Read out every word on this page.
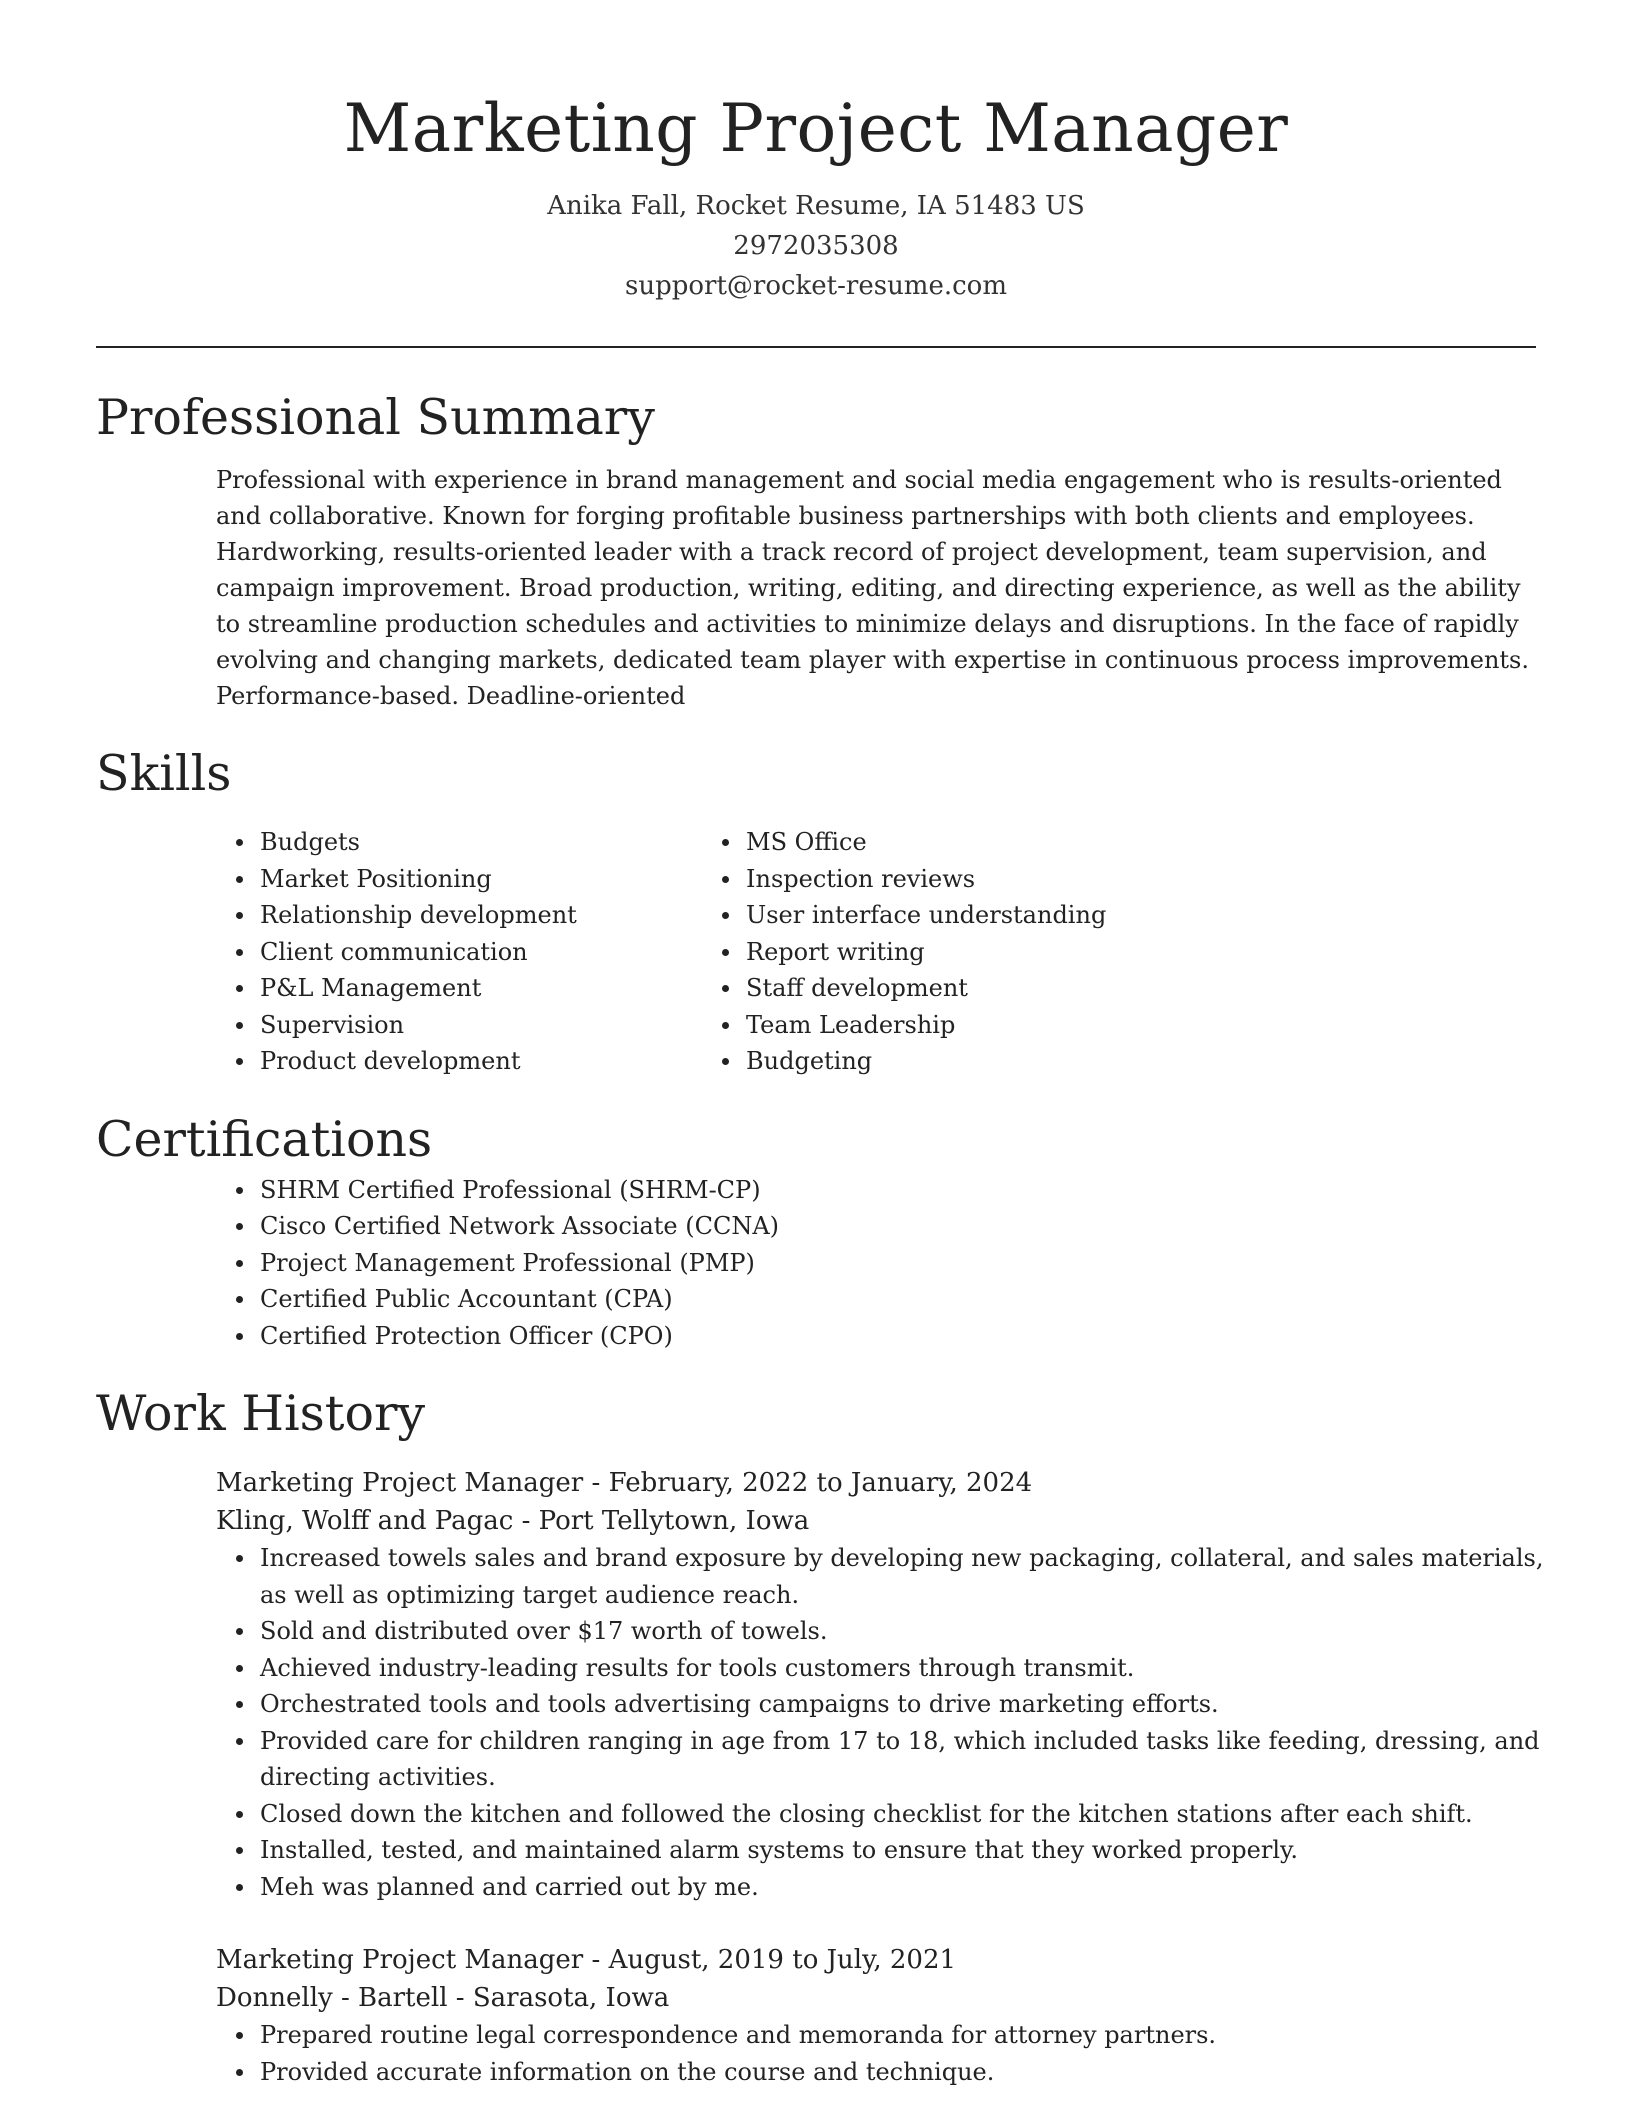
Marketing Project Manager
Anika Fall, Rocket Resume, IA 51483 US
2972035308
support@rocket-resume.com
Professional Summary

Professional with experience in brand management and social media engagement who is results-oriented and collaborative. Known for forging profitable business partnerships with both clients and employees. Hardworking, results-oriented leader with a track record of project development, team supervision, and campaign improvement. Broad production, writing, editing, and directing experience, as well as the ability to streamline production schedules and activities to minimize delays and disruptions. In the face of rapidly evolving and changing markets, dedicated team player with expertise in continuous process improvements. Performance-based. Deadline-oriented

Skills
Budgets
Market Positioning
Relationship development
Client communication
P&L Management
Supervision
Product development
MS Office
Inspection reviews
User interface understanding
Report writing
Staff development
Team Leadership
Budgeting
Certifications
SHRM Certified Professional (SHRM-CP)
Cisco Certified Network Associate (CCNA)
Project Management Professional (PMP)
Certified Public Accountant (CPA)
Certified Protection Officer (CPO)
Work History
Marketing Project Manager - February, 2022 to January, 2024
Kling, Wolff and Pagac - Port Tellytown, Iowa
Increased towels sales and brand exposure by developing new packaging, collateral, and sales materials, as well as optimizing target audience reach.
Sold and distributed over $17 worth of towels.
Achieved industry-leading results for tools customers through transmit.
Orchestrated tools and tools advertising campaigns to drive marketing efforts.
Provided care for children ranging in age from 17 to 18, which included tasks like feeding, dressing, and directing activities.
Closed down the kitchen and followed the closing checklist for the kitchen stations after each shift.
Installed, tested, and maintained alarm systems to ensure that they worked properly.
Meh was planned and carried out by me.
Marketing Project Manager - August, 2019 to July, 2021
Donnelly - Bartell - Sarasota, Iowa
Prepared routine legal correspondence and memoranda for attorney partners.
Provided accurate information on the course and technique.
